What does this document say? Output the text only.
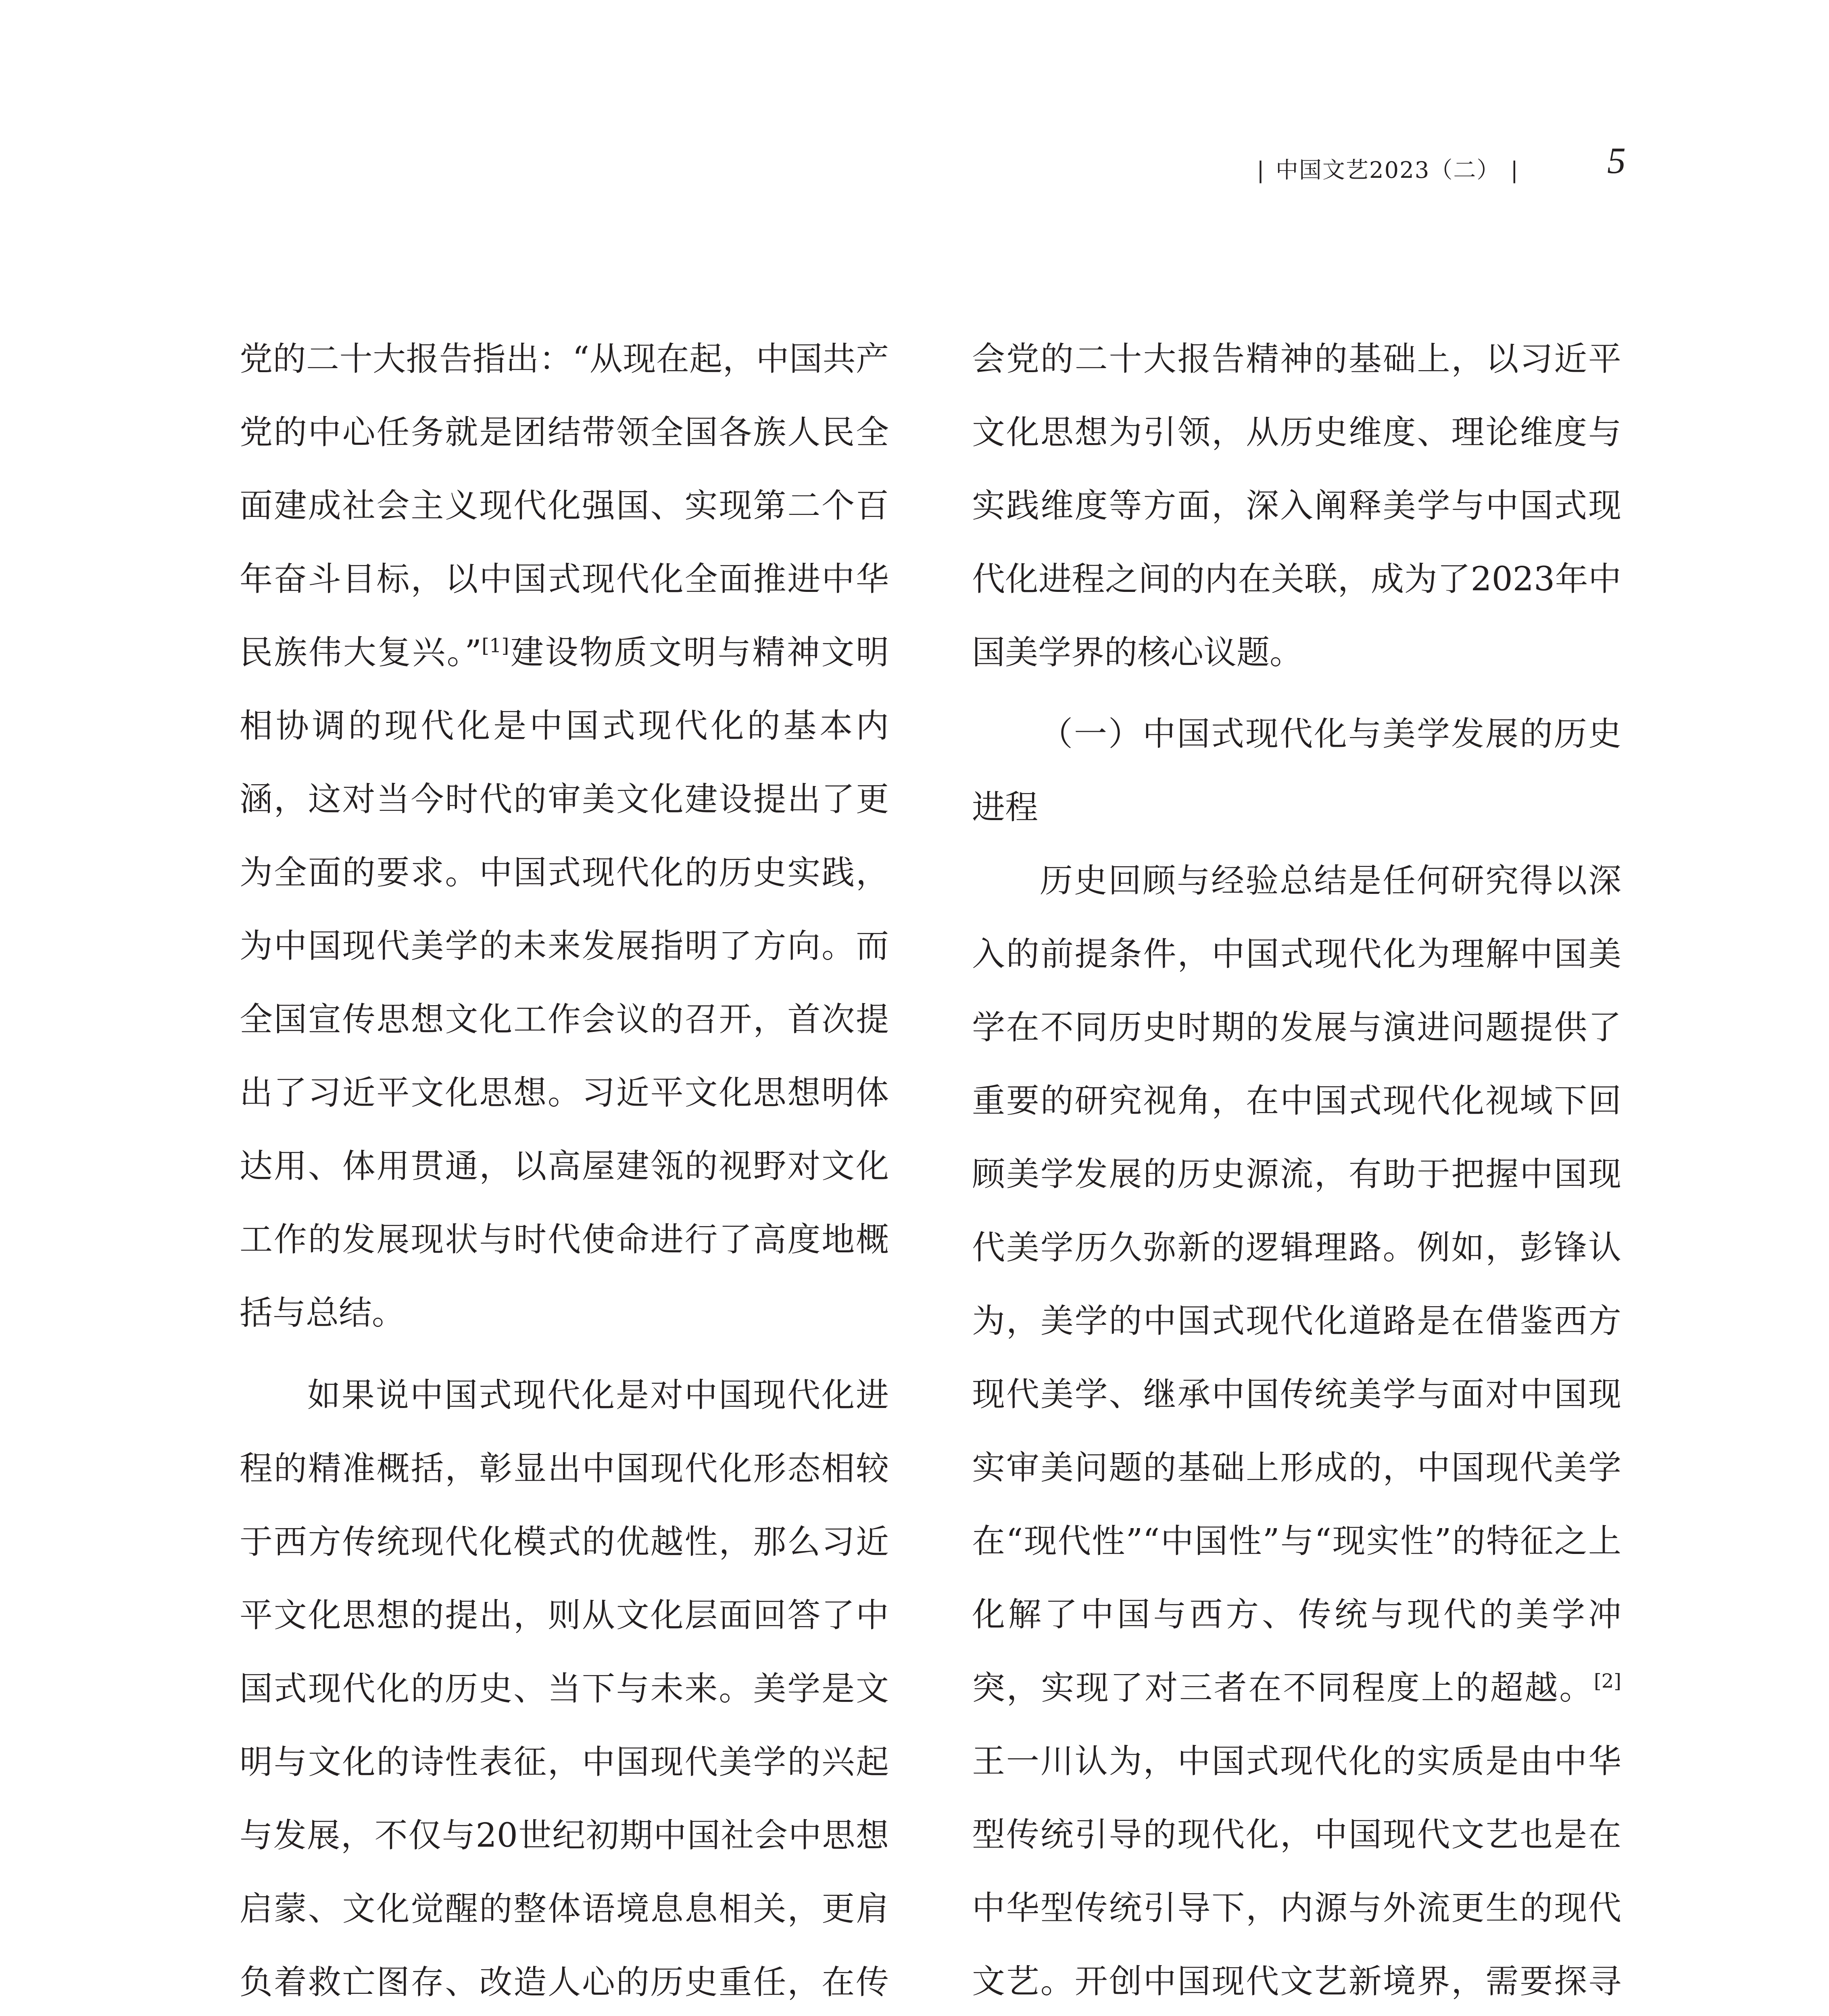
| 中国文艺2023（二） | 5

党的二十大报告指出：“从现在起，中国共产党的中心任务就是团结带领全国各族人民全面建成社会主义现代化强国、实现第二个百年奋斗目标，以中国式现代化全面推进中华民族伟大复兴。”[1]建设物质文明与精神文明相协调的现代化是中国式现代化的基本内涵，这对当今时代的审美文化建设提出了更为全面的要求。中国式现代化的历史实践，为中国现代美学的未来发展指明了方向。而全国宣传思想文化工作会议的召开，首次提出了习近平文化思想。习近平文化思想明体达用、体用贯通，以高屋建瓴的视野对文化工作的发展现状与时代使命进行了高度地概括与总结。

如果说中国式现代化是对中国现代化进程的精准概括，彰显出中国现代化形态相较于西方传统现代化模式的优越性，那么习近平文化思想的提出，则从文化层面回答了中国式现代化的历史、当下与未来。美学是文明与文化的诗性表征，中国现代美学的兴起与发展，不仅与20世纪初期中国社会中思想启蒙、文化觉醒的整体语境息息相关，更肩负着救亡图存、改造人心的历史重任，在传

会党的二十大报告精神的基础上，以习近平文化思想为引领，从历史维度、理论维度与实践维度等方面，深入阐释美学与中国式现代化进程之间的内在关联，成为了2023年中国美学界的核心议题。

（一）中国式现代化与美学发展的历史进程

历史回顾与经验总结是任何研究得以深入的前提条件，中国式现代化为理解中国美学在不同历史时期的发展与演进问题提供了重要的研究视角，在中国式现代化视域下回顾美学发展的历史源流，有助于把握中国现代美学历久弥新的逻辑理路。例如，彭锋认为，美学的中国式现代化道路是在借鉴西方现代美学、继承中国传统美学与面对中国现实审美问题的基础上形成的，中国现代美学在“现代性”“中国性”与“现实性”的特征之上化解了中国与西方、传统与现代的美学冲突，实现了对三者在不同程度上的超越。[2]王一川认为，中国式现代化的实质是由中华型传统引导的现代化，中国现代文艺也是在中华型传统引导下，内源与外流更生的现代文艺。开创中国现代文艺新境界，需要探寻
